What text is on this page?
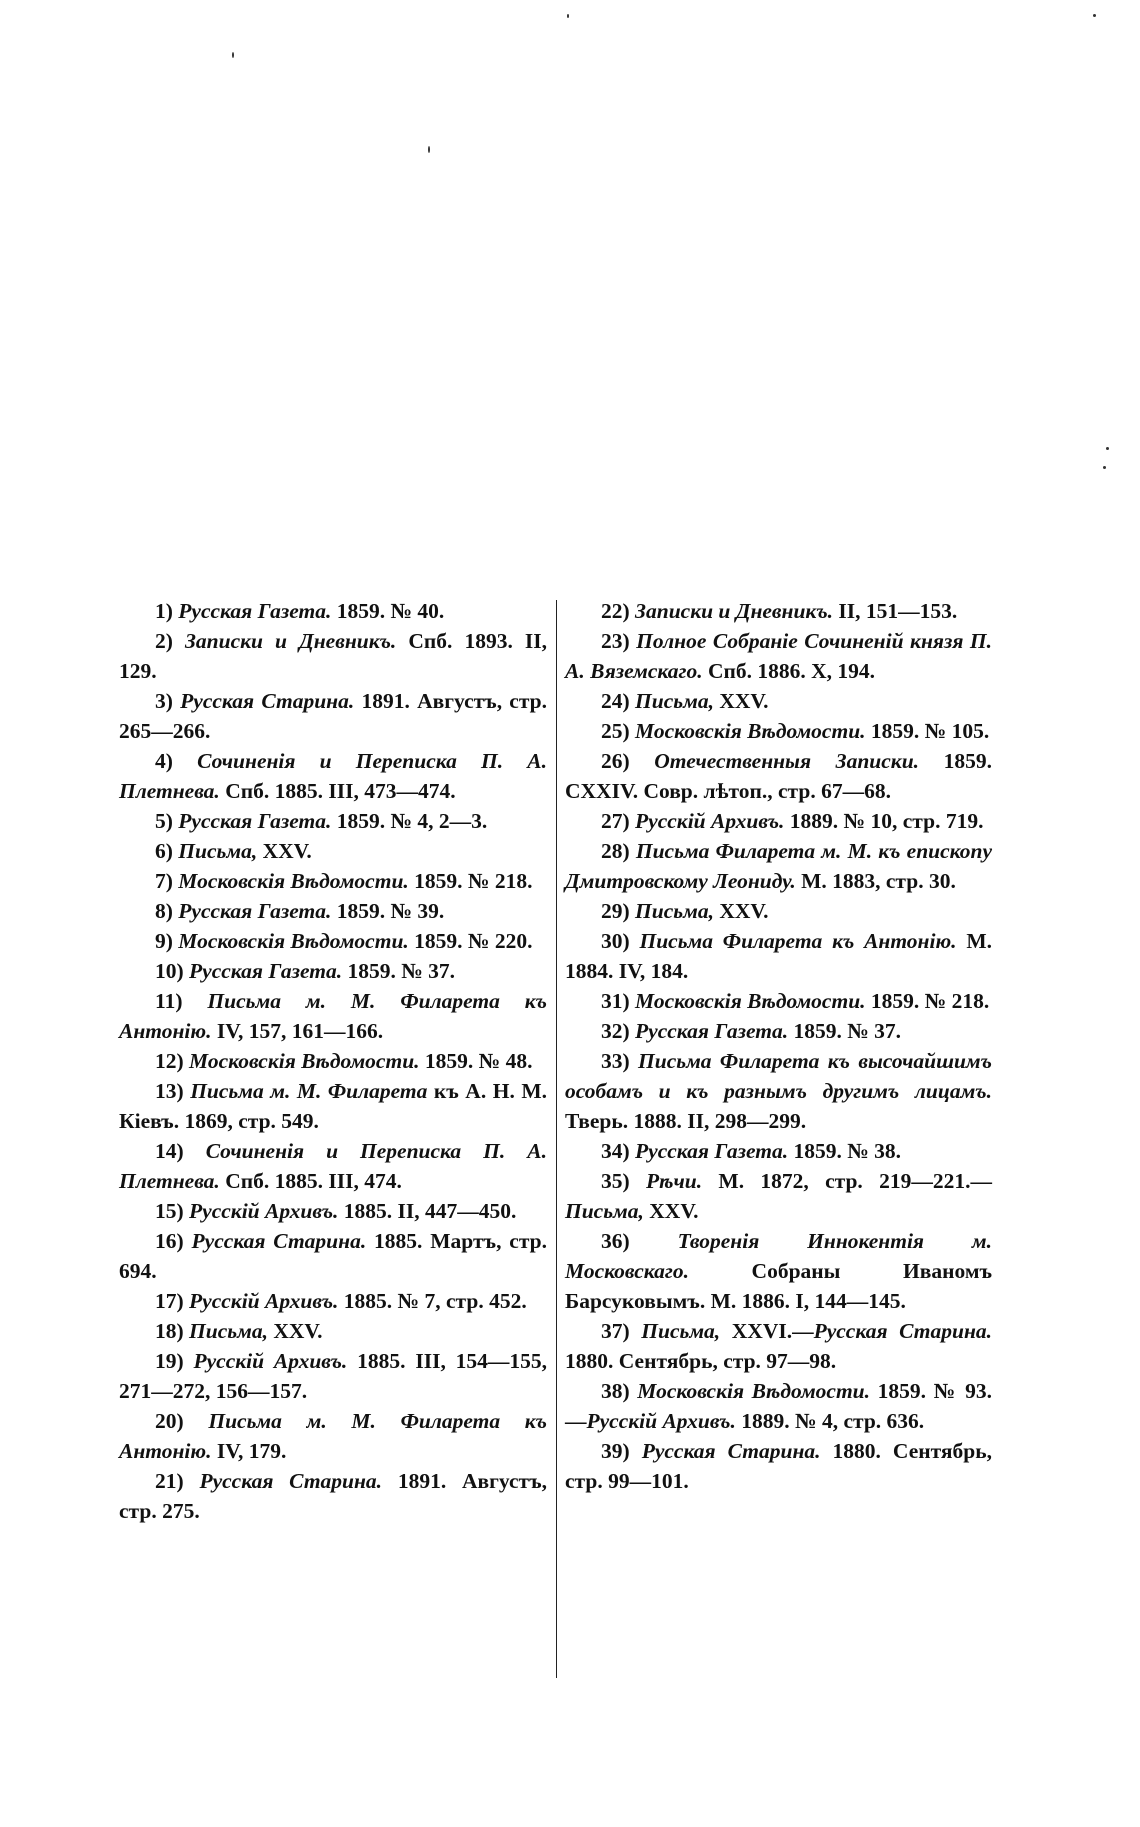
1) Русская Газета. 1859. № 40.

2) Записки и Дневникъ. Спб. 1893. II, 129.

3) Русская Старина. 1891. Августъ, стр. 265—266.

4) Сочиненія и Переписка П. А. Плетнева. Спб. 1885. III, 473—474.

5) Русская Газета. 1859. № 4, 2—3.

6) Письма, XXV.

7) Московскія Вѣдомости. 1859. № 218.

8) Русская Газета. 1859. № 39.

9) Московскія Вѣдомости. 1859. № 220.

10) Русская Газета. 1859. № 37.

11) Письма м. М. Филарета къ Антонію. IV, 157, 161—166.

12) Московскія Вѣдомости. 1859. № 48.

13) Письма м. М. Филарета къ А. Н. М. Кіевъ. 1869, стр. 549.

14) Сочиненія и Переписка П. А. Плетнева. Спб. 1885. III, 474.

15) Русскій Архивъ. 1885. II, 447—450.

16) Русская Старина. 1885. Мартъ, стр. 694.

17) Русскій Архивъ. 1885. № 7, стр. 452.

18) Письма, XXV.

19) Русскій Архивъ. 1885. III, 154—155, 271—272, 156—157.

20) Письма м. М. Филарета къ Антонію. IV, 179.

21) Русская Старина. 1891. Августъ, стр. 275.

22) Записки и Дневникъ. II, 151—153.

23) Полное Собраніе Сочиненій князя П. А. Вяземскаго. Спб. 1886. X, 194.

24) Письма, XXV.

25) Московскія Вѣдомости. 1859. № 105.

26) Отечественныя Записки. 1859. CXXIV. Совр. лѣтоп., стр. 67—68.

27) Русскій Архивъ. 1889. № 10, стр. 719.

28) Письма Филарета м. М. къ епископу Дмитровскому Леониду. М. 1883, стр. 30.

29) Письма, XXV.

30) Письма Филарета къ Антонію. М. 1884. IV, 184.

31) Московскія Вѣдомости. 1859. № 218.

32) Русская Газета. 1859. № 37.

33) Письма Филарета къ высочайшимъ особамъ и къ разнымъ другимъ лицамъ. Тверь. 1888. II, 298—299.

34) Русская Газета. 1859. № 38.

35) Рѣчи. М. 1872, стр. 219—221.—Письма, XXV.

36) Творенія Иннокентія м. Московскаго.	Собраны Иваномъ Барсуковымъ. М. 1886. I, 144—145.

37) Письма, XXVI.—Русская Старина. 1880. Сентябрь, стр. 97—98.

38) Московскія Вѣдомости. 1859. № 93.—Русскій Архивъ. 1889. № 4, стр. 636.

39) Русская Старина. 1880. Сентябрь, стр. 99—101.
